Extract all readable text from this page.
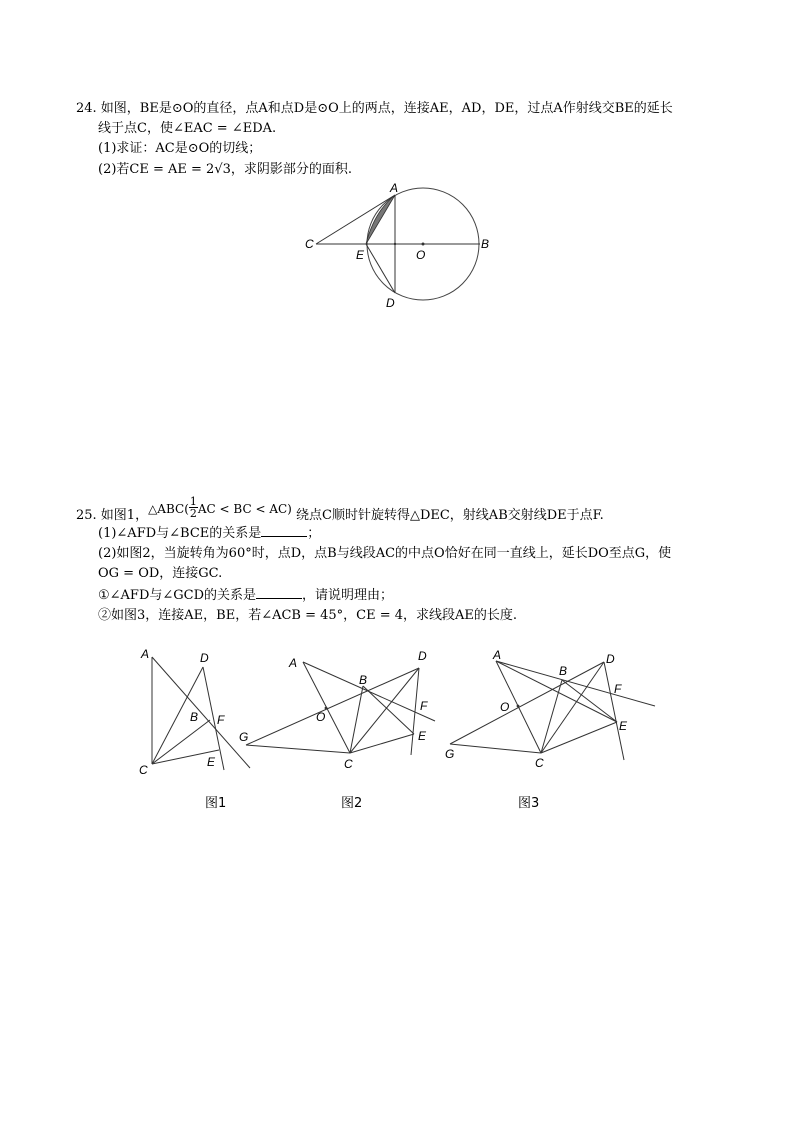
24. 如图，BE是⊙O的直径，点A和点D是⊙O上的两点，连接AE，AD，DE，过点A作射线交BE的延长
线于点C，使∠EAC = ∠EDA.
(1)求证：AC是⊙O的切线；
(2)若CE = AE = 2√3，求阴影部分的面积.
A
C
E	O
B
D
25. 如图1，△ABC( $\frac{1}{2}$ AC < BC < AC) 绕点C顺时针旋转得△DEC，射线AB交射线DE于点F.
(1)∠AFD与∠BCE的关系是	；
(2)如图2，当旋转角为60°时，点D，点B与线段AC的中点O恰好在同一直线上，延长DO至点G，使
OG = OD，连接GC.
①∠AFD与∠GCD的关系是	，请说明理由；
②如图3，连接AE，BE，若∠ACB = 45°，CE = 4，求线段AE的长度.
A	D
B F
C
E
A	D
B
F
O
G	E
C
A	D
B
F
O
G
E
C
图1	图2	图3
